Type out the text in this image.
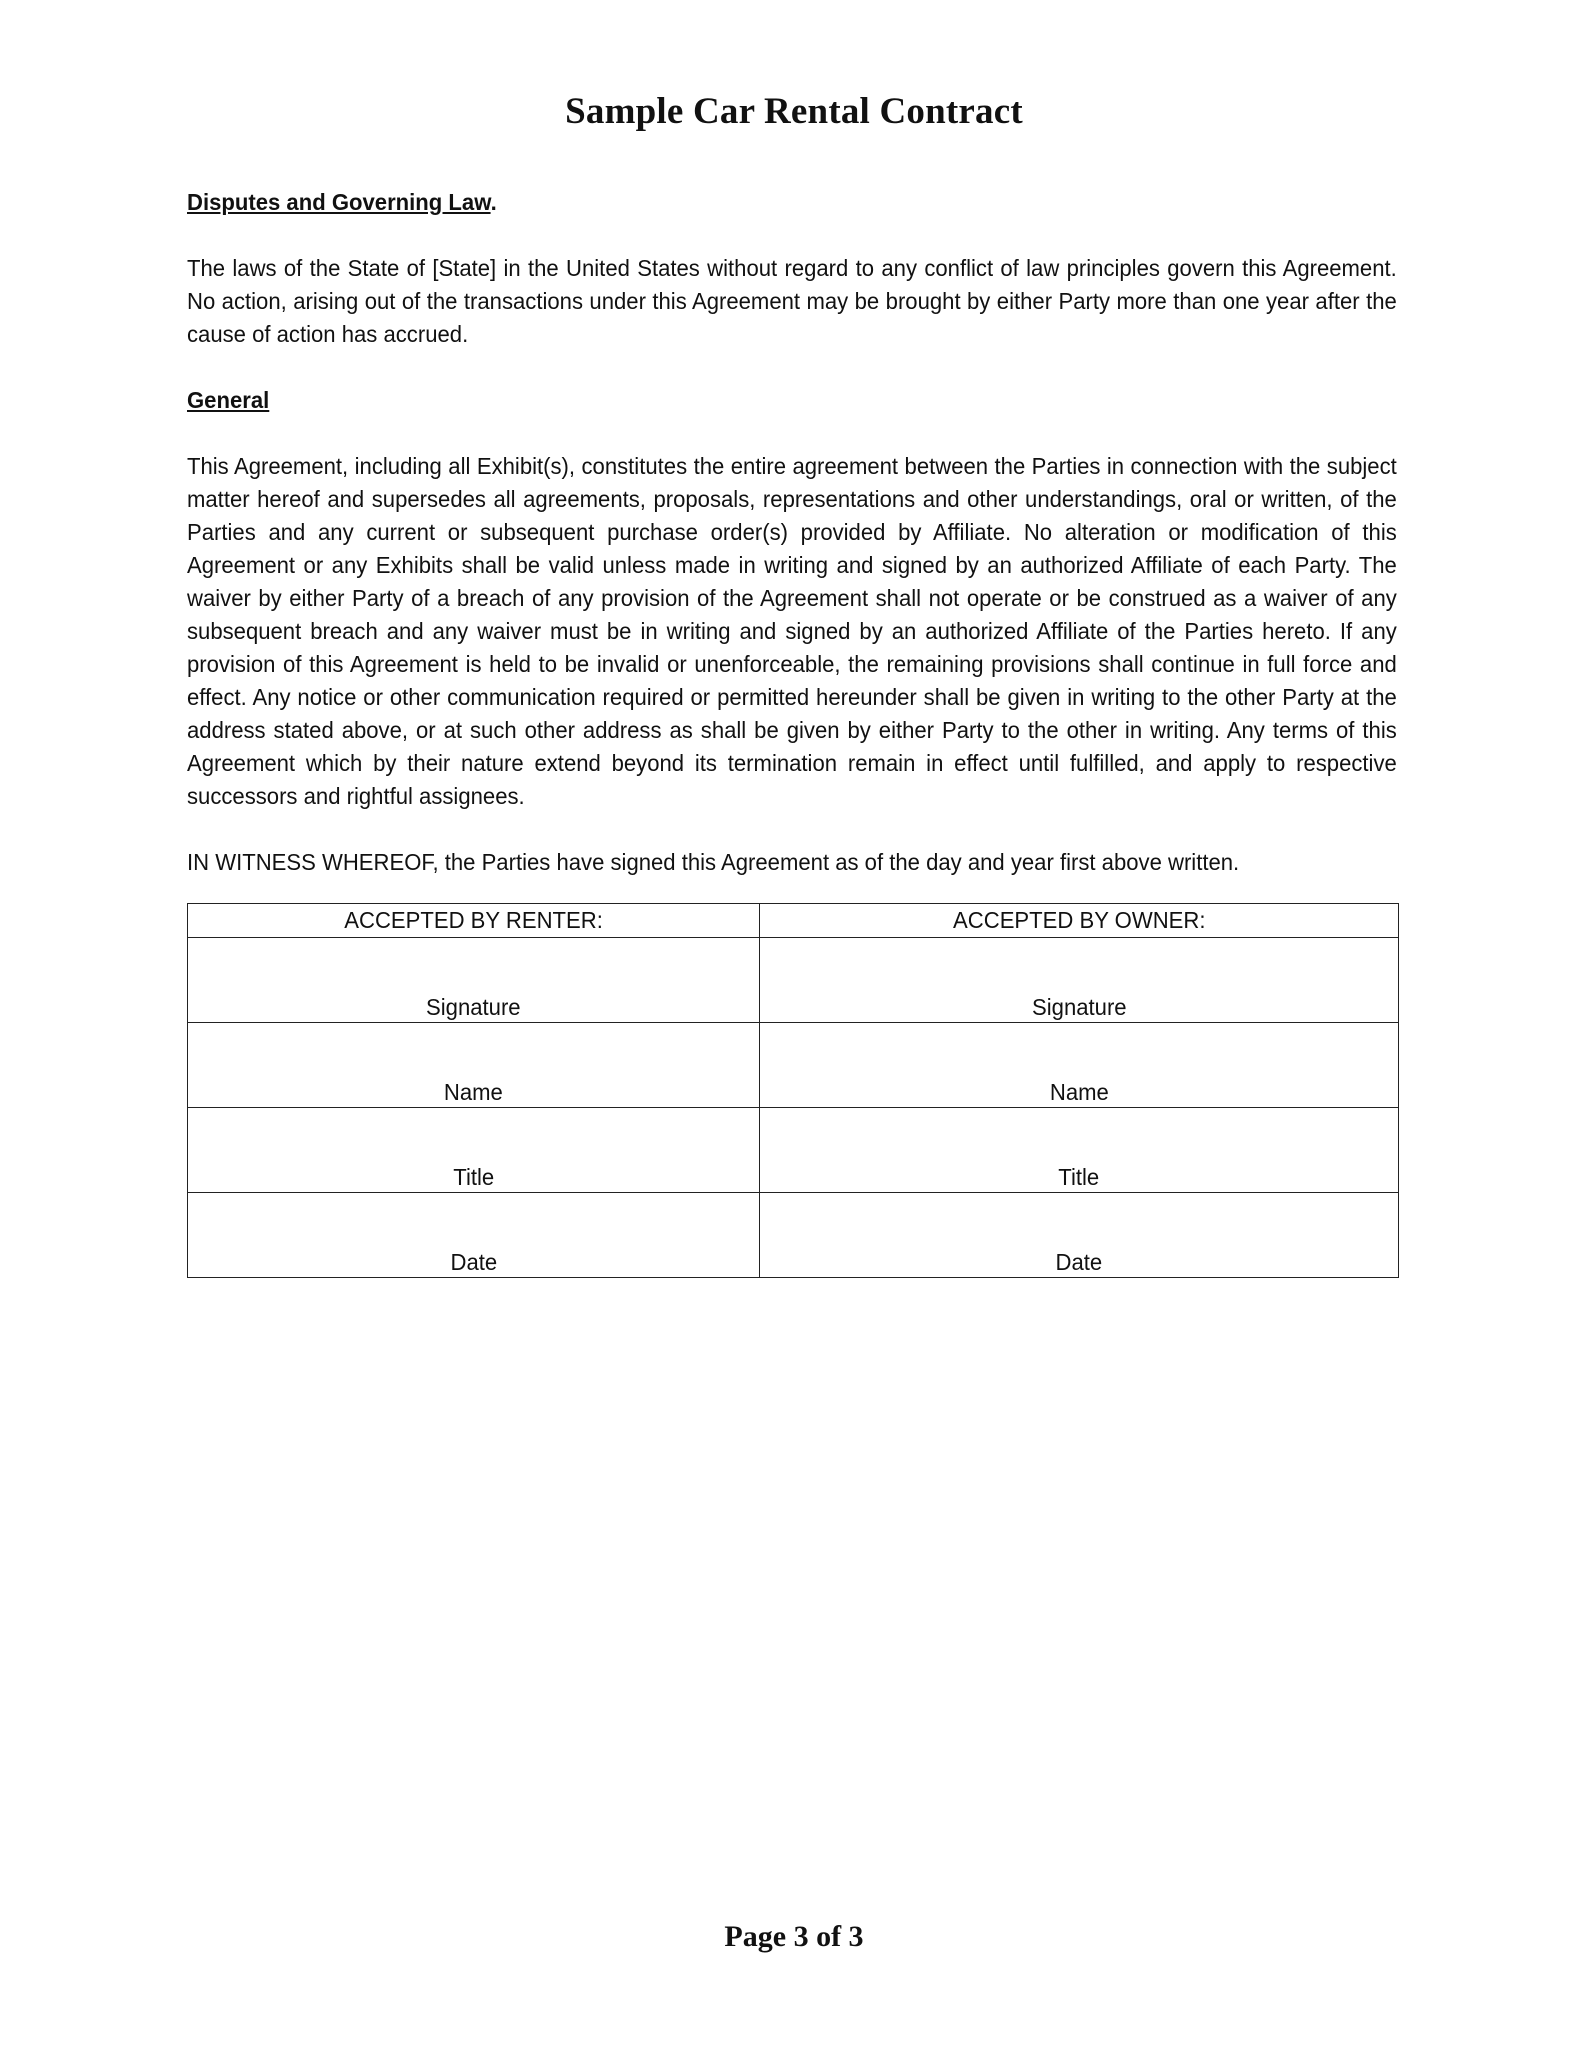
Sample Car Rental Contract
Disputes and Governing Law.

The laws of the State of [State] in the United States without regard to any conflict of law principles govern this Agreement. No action, arising out of the transactions under this Agreement may be brought by either Party more than one year after the cause of action has accrued.

General

This Agreement, including all Exhibit(s), constitutes the entire agreement between the Parties in connection with the subject matter hereof and supersedes all agreements, proposals, representations and other understandings, oral or written, of the Parties and any current or subsequent purchase order(s) provided by Affiliate. No alteration or modification of this Agreement or any Exhibits shall be valid unless made in writing and signed by an authorized Affiliate of each Party. The waiver by either Party of a breach of any provision of the Agreement shall not operate or be construed as a waiver of any subsequent breach and any waiver must be in writing and signed by an authorized Affiliate of the Parties hereto. If any provision of this Agreement is held to be invalid or unenforceable, the remaining provisions shall continue in full force and effect. Any notice or other communication required or permitted hereunder shall be given in writing to the other Party at the address stated above, or at such other address as shall be given by either Party to the other in writing. Any terms of this Agreement which by their nature extend beyond its termination remain in effect until fulfilled, and apply to respective successors and rightful assignees.

IN WITNESS WHEREOF, the Parties have signed this Agreement as of the day and year first above written.

ACCEPTED BY RENTER:	ACCEPTED BY OWNER:
Signature	Signature
Name	Name
Title	Title
Date	Date
Page 3 of 3
